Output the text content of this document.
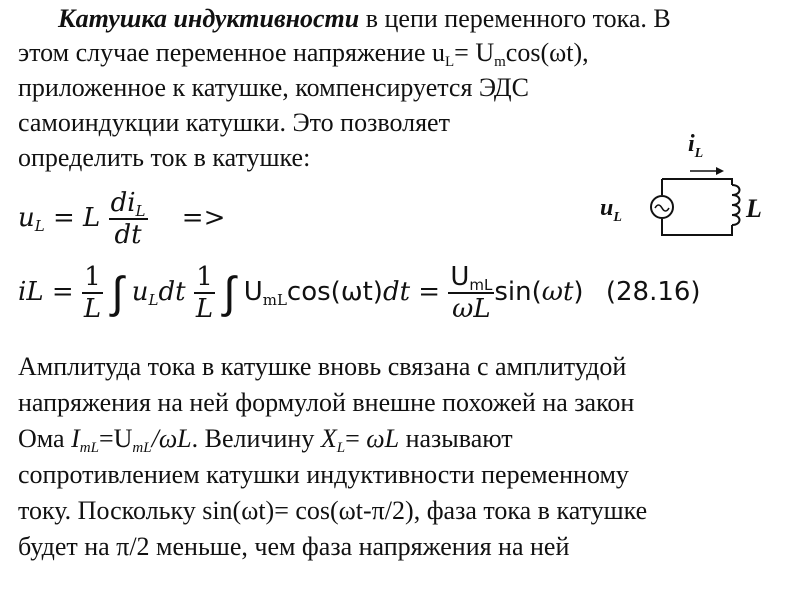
Катушка индуктивности в цепи переменного тока. В
этом случае переменное напряжение $u_L= U_m\cos(\omega t)$,
приложенное к катушке, компенсируется ЭДС
самоиндукции катушки. Это позволяет
определить ток в катушке:
$u_L = L \frac{di_L}{dt}$ =>
iL = $\frac{1}{L}$ ∫ $u_Ldt \frac{1}{L}$ ∫ $U_{mL}\cos(\omega t)dt = \frac{U_{mL}}{\omega L} \sin(\omega t)$ (28.16)
$i_L$
$u_L$	L
Амплитуда тока в катушке вновь связана с амплитудой
напряжения на ней формулой внешне похожей на закон
Ома $I_{mL}=U_{mL}/\omega L$. Величину $X_L= \omega L$ называют
сопротивлением катушки индуктивности переменному
току. Поскольку sin(ωt)= cos(ωt-π/2), фаза тока в катушке
будет на π/2 меньше, чем фаза напряжения на ней
